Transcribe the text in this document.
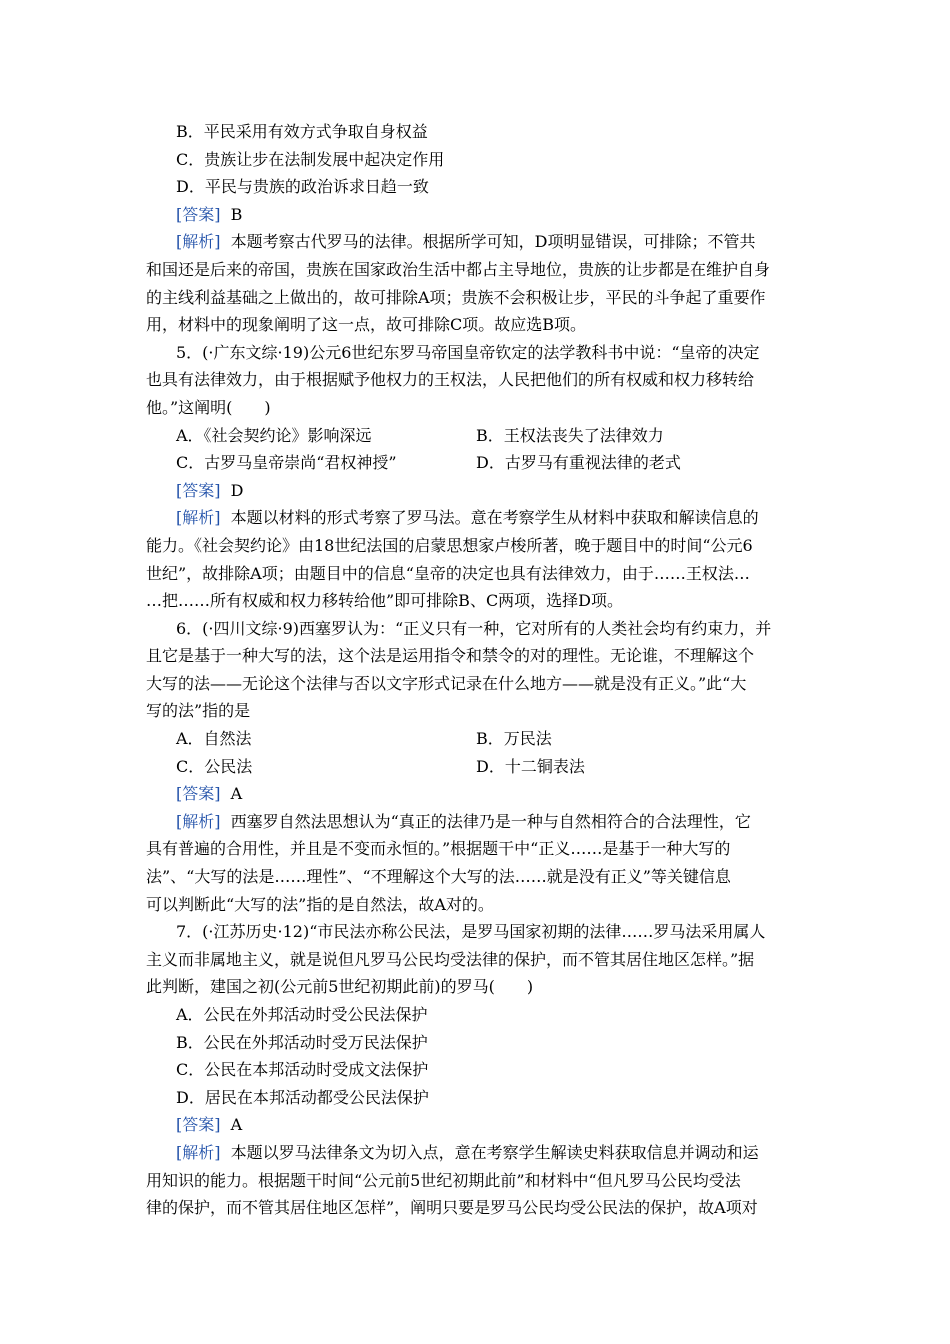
B．平民采用有效方式争取自身权益
C．贵族让步在法制发展中起决定作用
D．平民与贵族的政治诉求日趋一致
[答案] B
[解析] 本题考察古代罗马的法律。根据所学可知，D项明显错误，可排除；不管共
和国还是后来的帝国，贵族在国家政治生活中都占主导地位，贵族的让步都是在维护自身
的主线利益基础之上做出的，故可排除A项；贵族不会积极让步，平民的斗争起了重要作
用，材料中的现象阐明了这一点，故可排除C项。故应选B项。
5．(·广东文综·19)公元6世纪东罗马帝国皇帝钦定的法学教科书中说：“皇帝的决定
也具有法律效力，由于根据赋予他权力的王权法，人民把他们的所有权威和权力移转给
他。”这阐明(　　)
A．《社会契约论》影响深远	B．王权法丧失了法律效力
C．古罗马皇帝崇尚“君权神授”	D．古罗马有重视法律的老式
[答案] D
[解析] 本题以材料的形式考察了罗马法。意在考察学生从材料中获取和解读信息的
能力。《社会契约论》由18世纪法国的启蒙思想家卢梭所著，晚于题目中的时间“公元6
世纪”，故排除A项；由题目中的信息“皇帝的决定也具有法律效力，由于……王权法…
…把……所有权威和权力移转给他”即可排除B、C两项，选择D项。
6．(·四川文综·9)西塞罗认为：“正义只有一种，它对所有的人类社会均有约束力，并
且它是基于一种大写的法，这个法是运用指令和禁令的对的理性。无论谁，不理解这个
大写的法——无论这个法律与否以文字形式记录在什么地方——就是没有正义。”此“大
写的法”指的是
A．自然法	B．万民法
C．公民法	D．十二铜表法
[答案] A
[解析] 西塞罗自然法思想认为“真正的法律乃是一种与自然相符合的合法理性，它
具有普遍的合用性，并且是不变而永恒的。”根据题干中“正义……是基于一种大写的
法”、“大写的法是……理性”、“不理解这个大写的法……就是没有正义”等关键信息
可以判断此“大写的法”指的是自然法，故A对的。
7．(·江苏历史·12)“市民法亦称公民法，是罗马国家初期的法律……罗马法采用属人
主义而非属地主义，就是说但凡罗马公民均受法律的保护，而不管其居住地区怎样。”据
此判断，建国之初(公元前5世纪初期此前)的罗马(　　)
A．公民在外邦活动时受公民法保护
B．公民在外邦活动时受万民法保护
C．公民在本邦活动时受成文法保护
D．居民在本邦活动都受公民法保护
[答案] A
[解析] 本题以罗马法律条文为切入点，意在考察学生解读史料获取信息并调动和运
用知识的能力。根据题干时间“公元前5世纪初期此前”和材料中“但凡罗马公民均受法
律的保护，而不管其居住地区怎样”，阐明只要是罗马公民均受公民法的保护，故A项对
